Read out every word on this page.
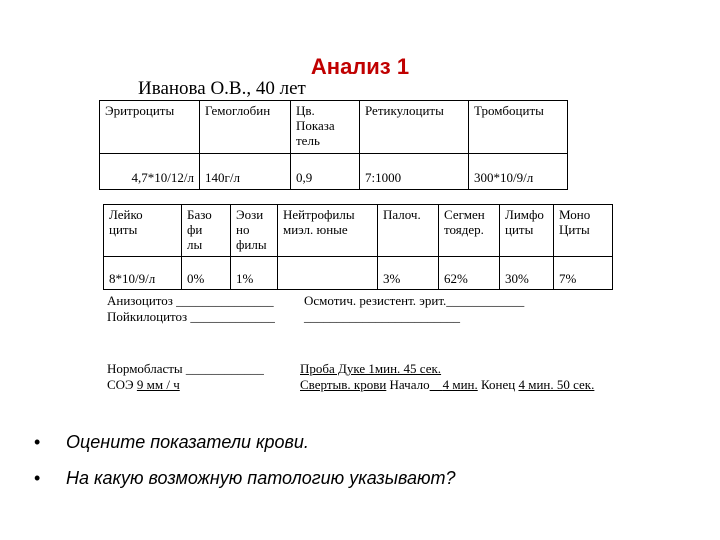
Анализ 1
Иванова О.В., 40 лет
Эритроциты	Гемоглобин	Цв.
Показа
тель	Ретикулоциты	Тромбоциты
4,7*10/12/л	140г/л	0,9	7:1000	300*10/9/л
Лейко
циты	Базо
фи
лы	Эози
но
филы	Нейтрофилы
миэл. юные	Палоч.	Сегмен
тоядер.	Лимфо
циты	Моно
Циты
8*10/9/л	0%	1%		3%	62%	30%	7%
Анизоцитоз _______________ Осмотич. резистент. эрит.____________
Пойкилоцитоз _____________ ________________________
Нормобласты ____________	Проба Дуке 1мин. 45 сек.
СОЭ 9 мм / ч	Свертыв. крови Начало 4 мин. Конец 4 мин. 50 сек.
• Оцените показатели крови.
• На какую возможную патологию указывают?
